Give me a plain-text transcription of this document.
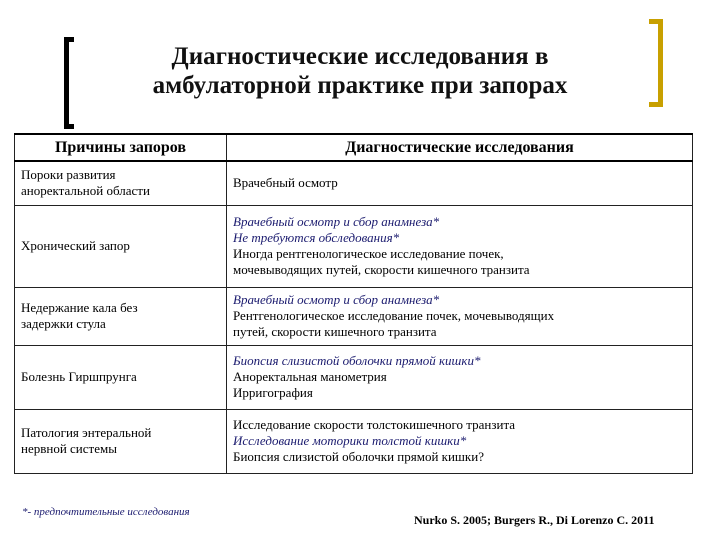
Диагностические исследования в
амбулаторной практике при запорах
Причины запоров	Диагностические исследования

Пороки развития
аноректальной области	Врачебный осмотр

Хронический запор	Врачебный осмотр и сбор анамнеза*
Не требуются обследования*
Иногда рентгенологическое исследование почек,
мочевыводящих путей, скорости кишечного транзита

Недержание кала без
задержки стула	Врачебный осмотр и сбор анамнеза*
Рентгенологическое исследование почек, мочевыводящих
путей, скорости кишечного транзита

Болезнь Гиршпрунга	Биопсия слизистой оболочки прямой кишки*
Аноректальная манометрия
Ирригография

Патология энтеральной
нервной системы	Исследование скорости толстокишечного транзита
Исследование моторики толстой кишки*
Биопсия слизистой оболочки прямой кишки?
*- предпочтительные исследования
Nurko S. 2005; Burgers R., Di Lorenzo C. 2011
